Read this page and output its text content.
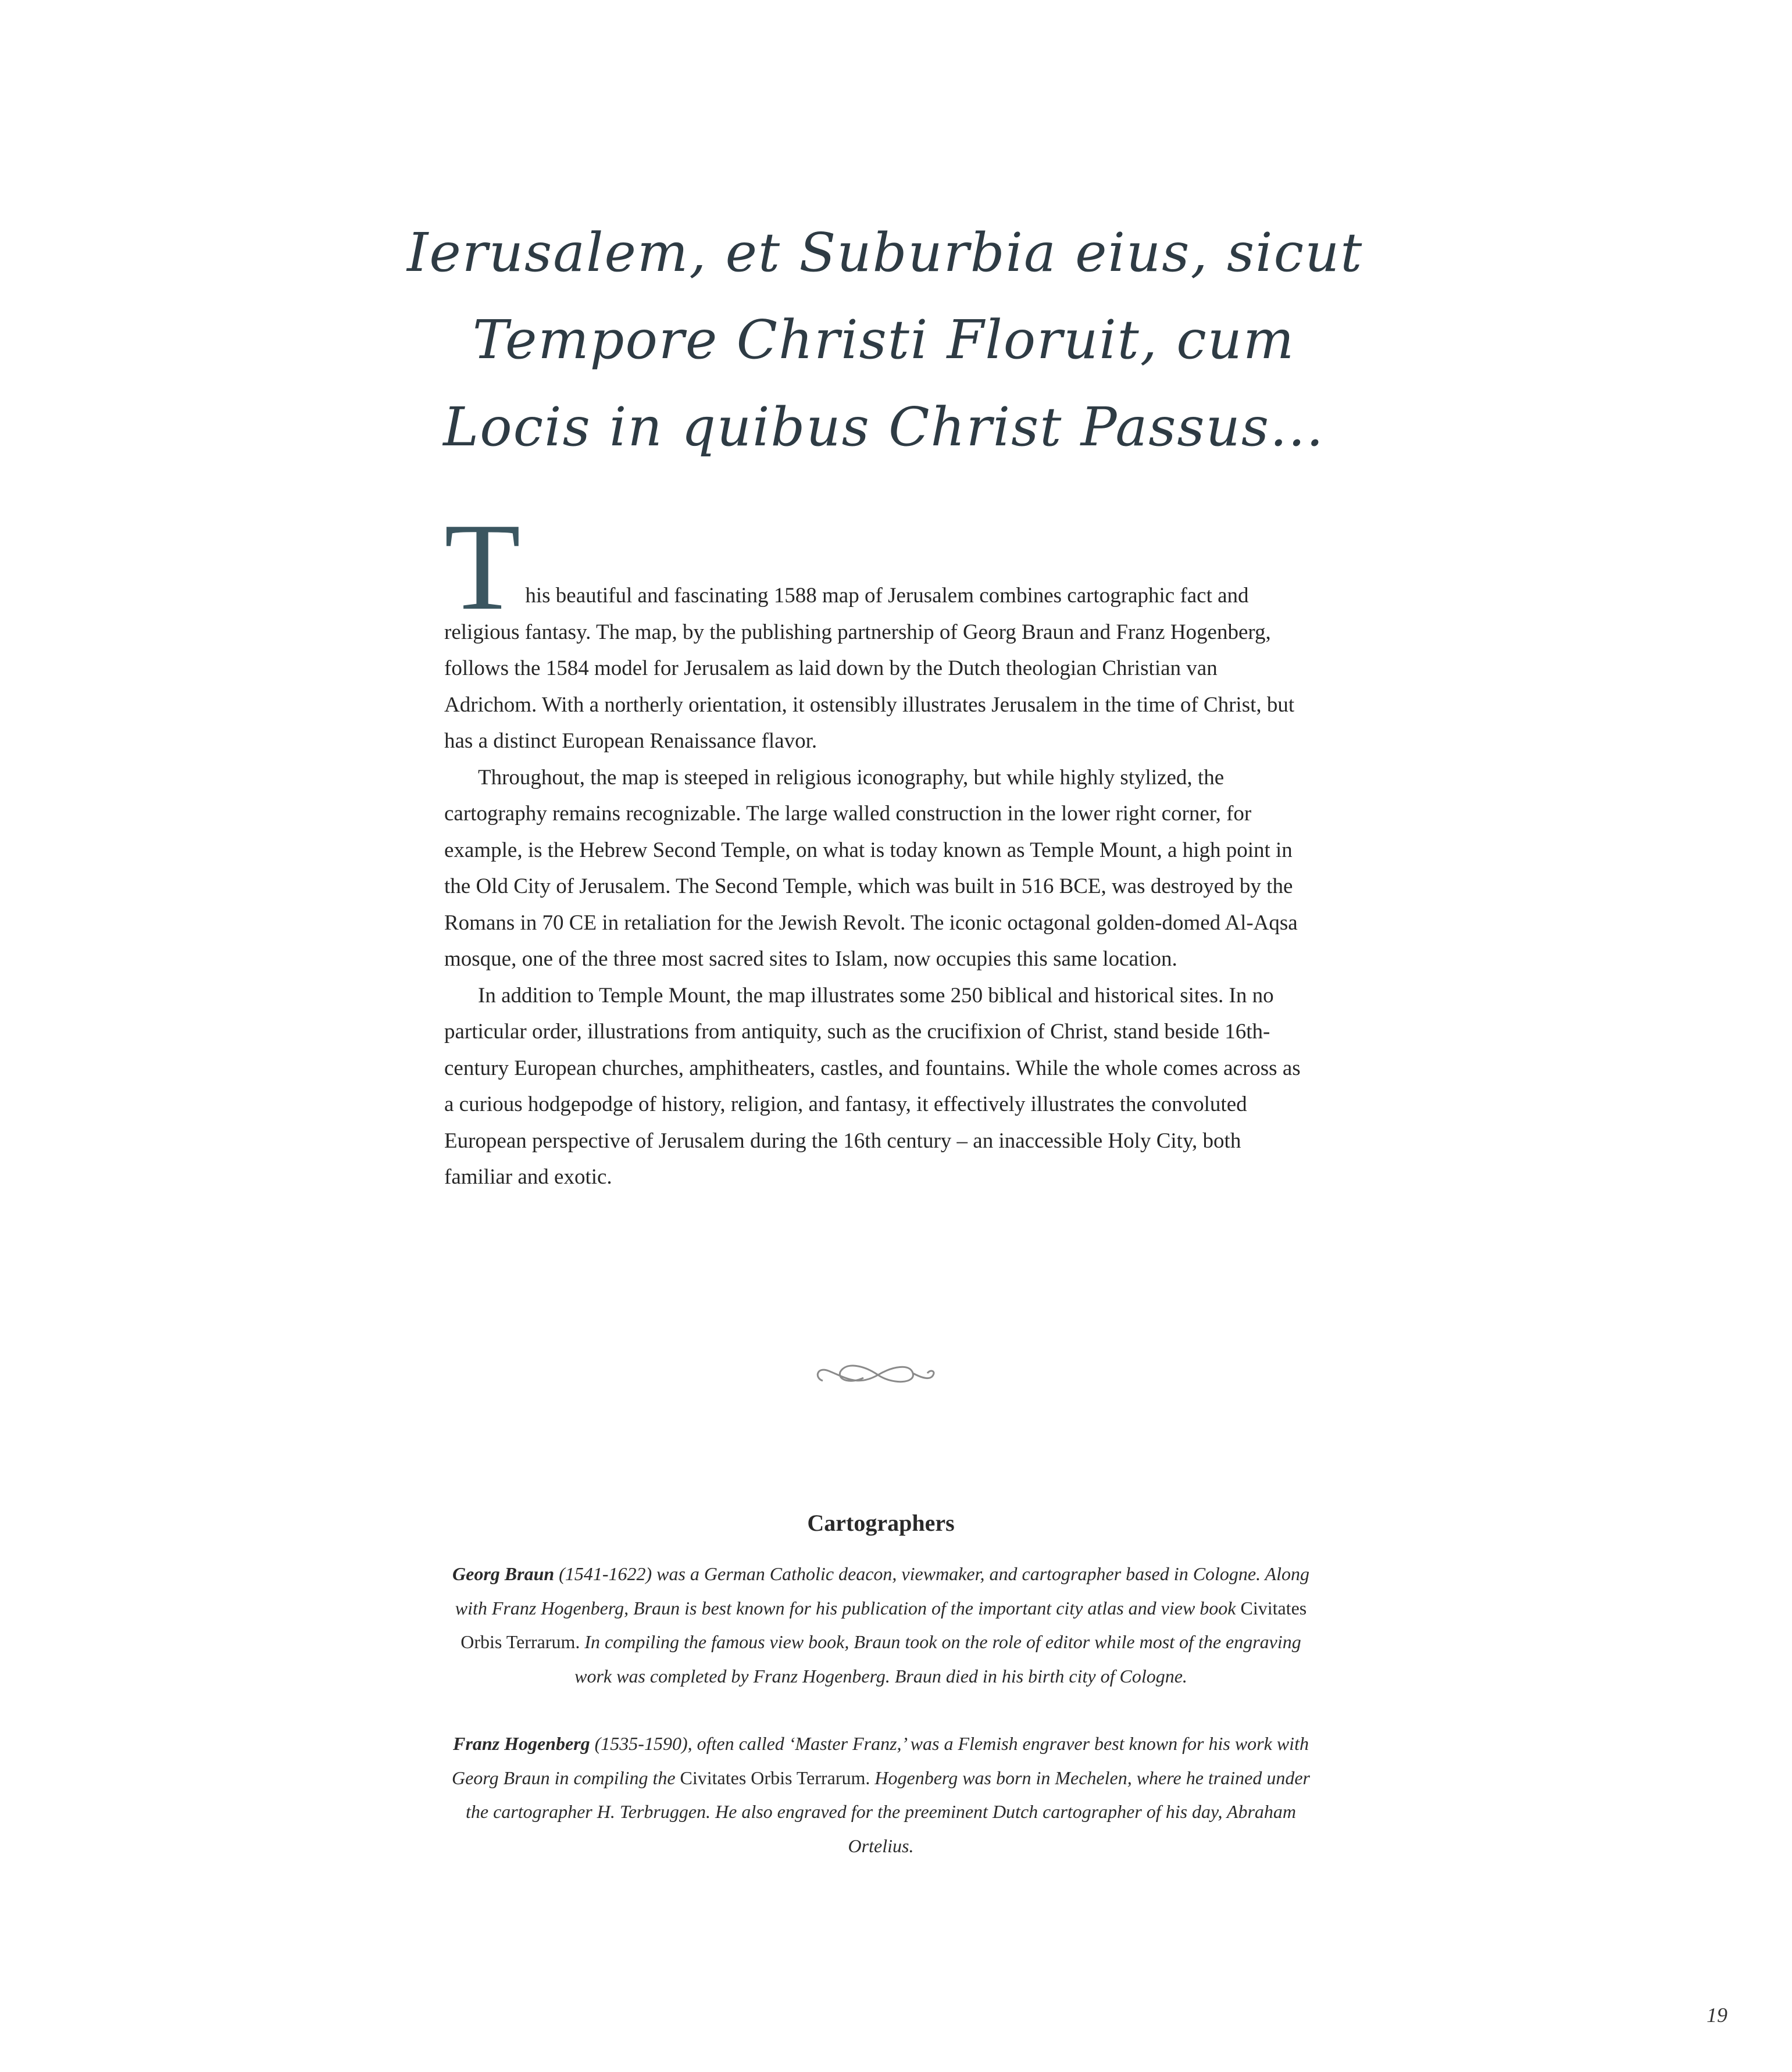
Ierusalem, et Suburbia eius, sicut
Tempore Christi Floruit, cum
Locis in quibus Christ Passus...

T his beautiful and fascinating 1588 map of Jerusalem combines cartographic fact and religious fantasy. The map, by the publishing partnership of Georg Braun and Franz Hogenberg, follows the 1584 model for Jerusalem as laid down by the Dutch theologian Christian van Adrichom. With a northerly orientation, it ostensibly illustrates Jerusalem in the time of Christ, but has a distinct European Renaissance flavor.

Throughout, the map is steeped in religious iconography, but while highly stylized, the cartography remains recognizable. The large walled construction in the lower right corner, for example, is the Hebrew Second Temple, on what is today known as Temple Mount, a high point in the Old City of Jerusalem. The Second Temple, which was built in 516 BCE, was destroyed by the Romans in 70 CE in retaliation for the Jewish Revolt. The iconic octagonal golden-domed Al-Aqsa mosque, one of the three most sacred sites to Islam, now occupies this same location.

In addition to Temple Mount, the map illustrates some 250 biblical and historical sites. In no particular order, illustrations from antiquity, such as the crucifixion of Christ, stand beside 16th-century European churches, amphitheaters, castles, and fountains. While the whole comes across as a curious hodgepodge of history, religion, and fantasy, it effectively illustrates the convoluted European perspective of Jerusalem during the 16th century – an inaccessible Holy City, both familiar and exotic.

Cartographers

Georg Braun (1541-1622) was a German Catholic deacon, viewmaker, and cartographer based in Cologne. Along with Franz Hogenberg, Braun is best known for his publication of the important city atlas and view book Civitates Orbis Terrarum. In compiling the famous view book, Braun took on the role of editor while most of the engraving work was completed by Franz Hogenberg. Braun died in his birth city of Cologne.

Franz Hogenberg (1535-1590), often called ‘Master Franz,’ was a Flemish engraver best known for his work with Georg Braun in compiling the Civitates Orbis Terrarum. Hogenberg was born in Mechelen, where he trained under the cartographer H. Terbruggen. He also engraved for the preeminent Dutch cartographer of his day, Abraham Ortelius.

19
